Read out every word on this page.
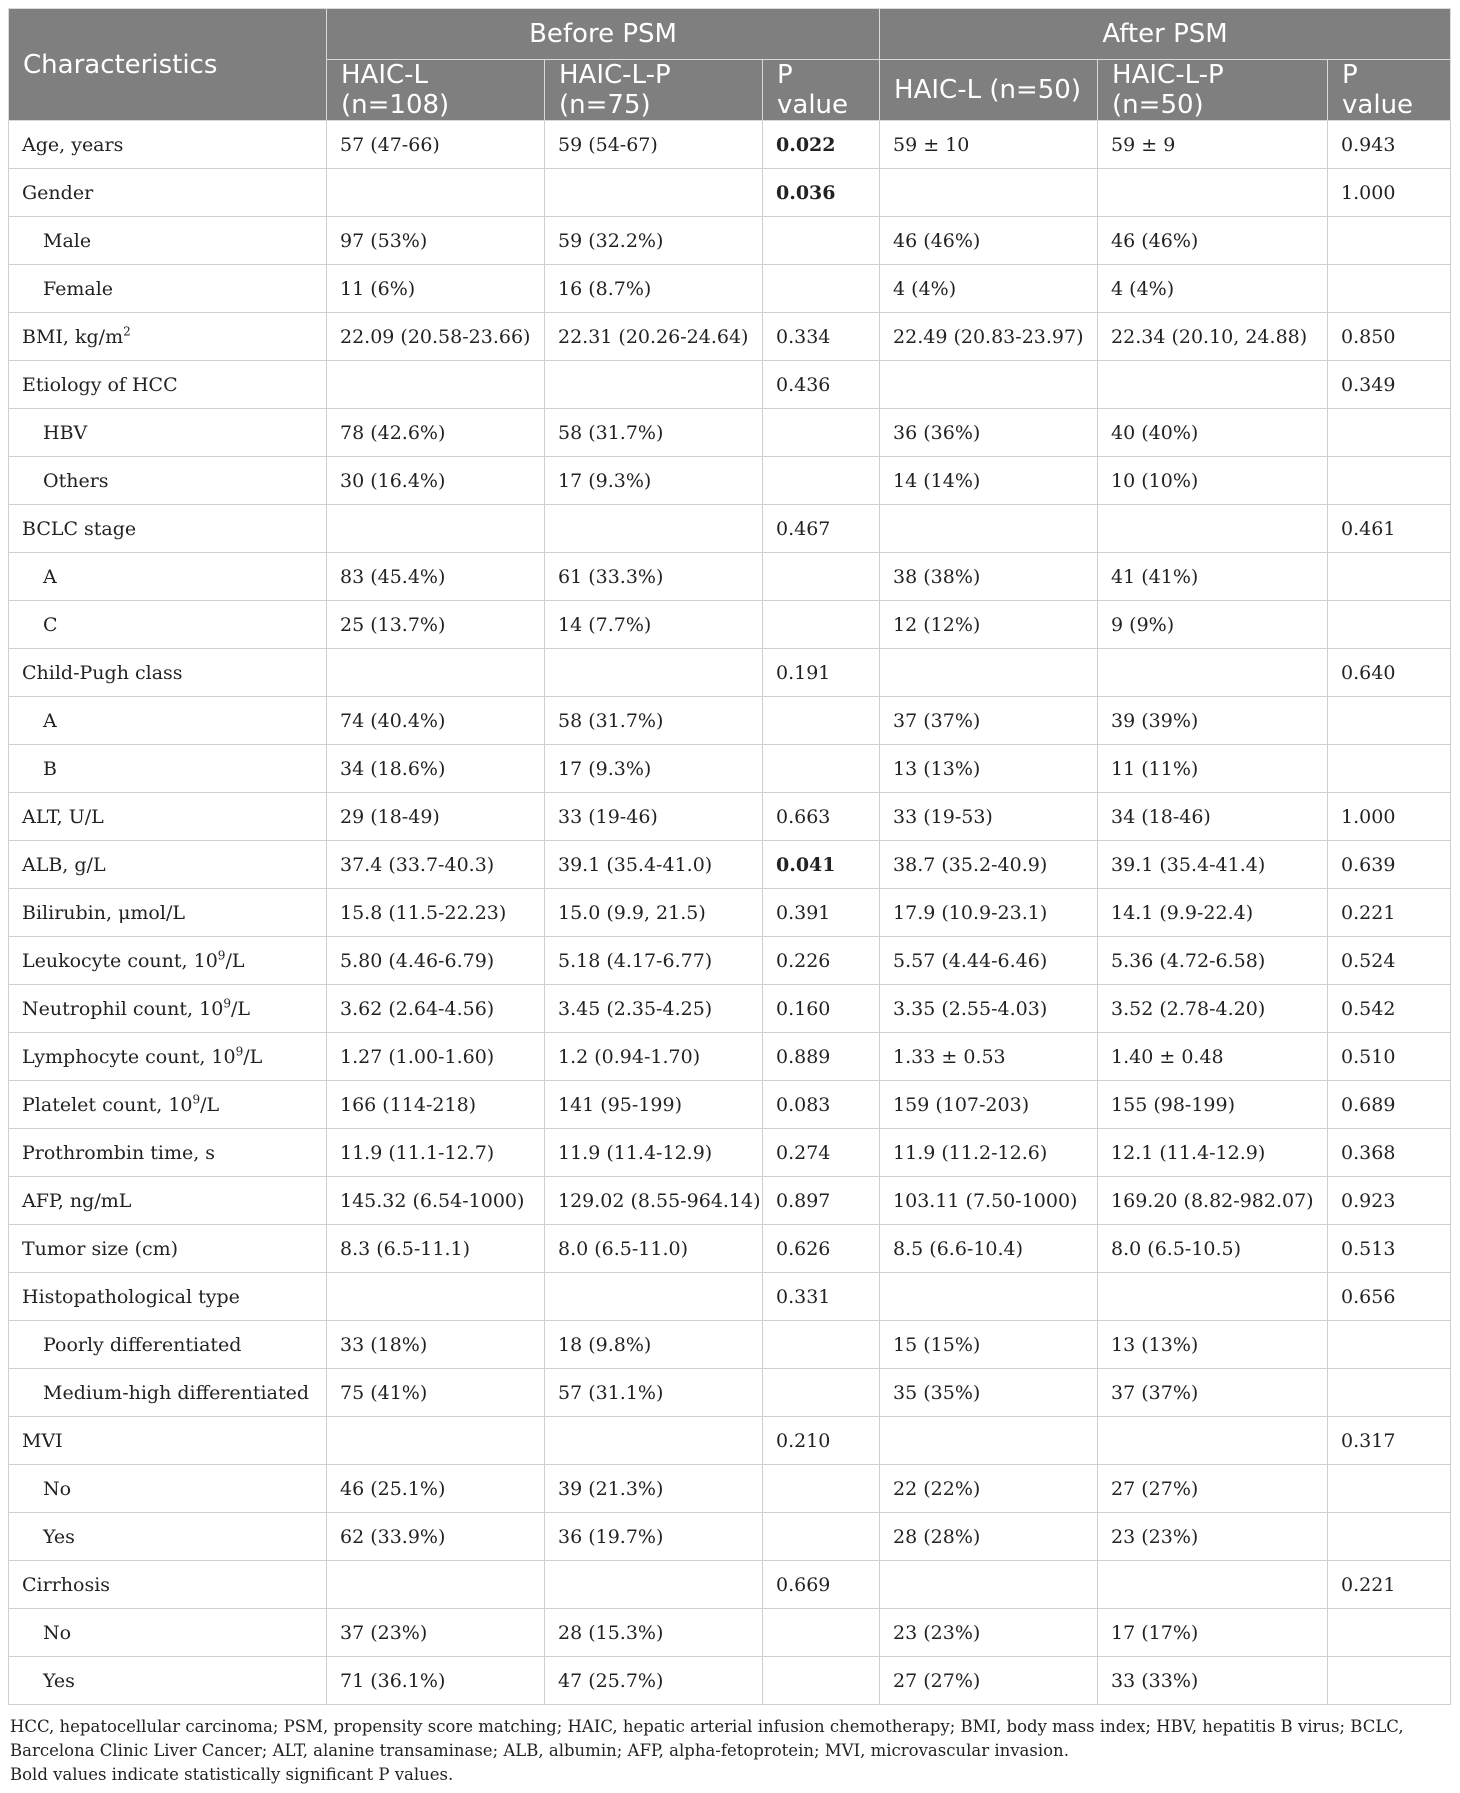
Characteristics	Before PSM			After PSM		
	HAIC-L (n=108)	HAIC-L-P (n=75)	P value	HAIC-L (n=50)	HAIC-L-P (n=50)	P value
Age, years	57 (47-66)	59 (54-67)	0.022	59 ± 10	59 ± 9	0.943
Gender			0.036			1.000
Male	97 (53%)	59 (32.2%)		46 (46%)	46 (46%)	
Female	11 (6%)	16 (8.7%)		4 (4%)	4 (4%)	
BMI, $kg/m^2$	22.09 (20.58-23.66)	22.31 (20.26-24.64)	0.334	22.49 (20.83-23.97)	22.34 (20.10, 24.88)	0.850
Etiology of HCC			0.436			0.349
HBV	78 (42.6%)	58 (31.7%)		36 (36%)	40 (40%)	
Others	30 (16.4%)	17 (9.3%)		14 (14%)	10 (10%)	
BCLC stage			0.467			0.461
A	83 (45.4%)	61 (33.3%)		38 (38%)	41 (41%)	
C	25 (13.7%)	14 (7.7%)		12 (12%)	9 (9%)	
Child-Pugh class			0.191			0.640
A	74 (40.4%)	58 (31.7%)		37 (37%)	39 (39%)	
B	34 (18.6%)	17 (9.3%)		13 (13%)	11 (11%)	
ALT, U/L	29 (18-49)	33 (19-46)	0.663	33 (19-53)	34 (18-46)	1.000
ALB, g/L	37.4 (33.7-40.3)	39.1 (35.4-41.0)	0.041	38.7 (35.2-40.9)	39.1 (35.4-41.4)	0.639
Bilirubin, μmol/L	15.8 (11.5-22.23)	15.0 (9.9, 21.5)	0.391	17.9 (10.9-23.1)	14.1 (9.9-22.4)	0.221
Leukocyte count, $10^9/L$	5.80 (4.46-6.79)	5.18 (4.17-6.77)	0.226	5.57 (4.44-6.46)	5.36 (4.72-6.58)	0.524
Neutrophil count, $10^9/L$	3.62 (2.64-4.56)	3.45 (2.35-4.25)	0.160	3.35 (2.55-4.03)	3.52 (2.78-4.20)	0.542
Lymphocyte count, $10^9/L$	1.27 (1.00-1.60)	1.2 (0.94-1.70)	0.889	1.33 ± 0.53	1.40 ± 0.48	0.510
Platelet count, $10^9/L$	166 (114-218)	141 (95-199)	0.083	159 (107-203)	155 (98-199)	0.689
Prothrombin time, s	11.9 (11.1-12.7)	11.9 (11.4-12.9)	0.274	11.9 (11.2-12.6)	12.1 (11.4-12.9)	0.368
AFP, ng/mL	145.32 (6.54-1000)	129.02 (8.55-964.14)	0.897	103.11 (7.50-1000)	169.20 (8.82-982.07)	0.923
Tumor size (cm)	8.3 (6.5-11.1)	8.0 (6.5-11.0)	0.626	8.5 (6.6-10.4)	8.0 (6.5-10.5)	0.513
Histopathological type			0.331			0.656
Poorly differentiated	33 (18%)	18 (9.8%)		15 (15%)	13 (13%)	
Medium-high differentiated	75 (41%)	57 (31.1%)		35 (35%)	37 (37%)	
MVI			0.210			0.317
No	46 (25.1%)	39 (21.3%)		22 (22%)	27 (27%)	
Yes	62 (33.9%)	36 (19.7%)		28 (28%)	23 (23%)	
Cirrhosis			0.669			0.221
No	37 (23%)	28 (15.3%)		23 (23%)	17 (17%)	
Yes	71 (36.1%)	47 (25.7%)		27 (27%)	33 (33%)	

HCC, hepatocellular carcinoma; PSM, propensity score matching; HAIC, hepatic arterial infusion chemotherapy; BMI, body mass index; HBV, hepatitis B virus; BCLC, Barcelona Clinic Liver Cancer; ALT, alanine transaminase; ALB, albumin; AFP, alpha-fetoprotein; MVI, microvascular invasion.

Bold values indicate statistically significant P values.
